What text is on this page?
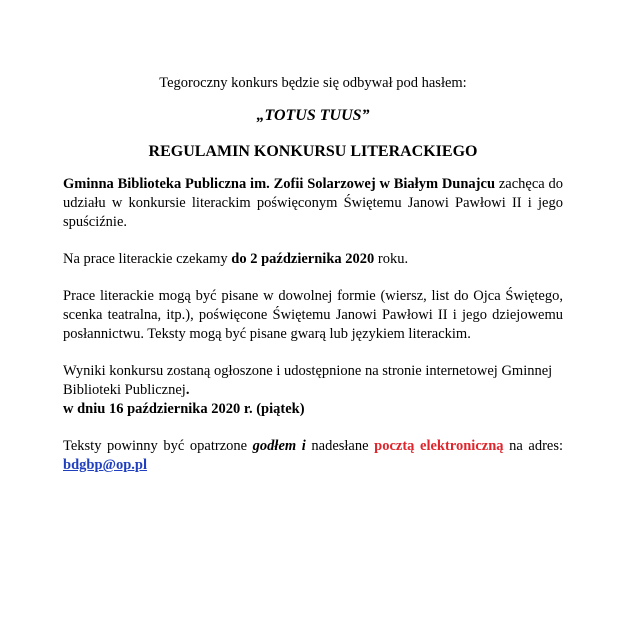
Tegoroczny konkurs będzie się odbywał pod hasłem:

„TOTUS TUUS”
REGULAMIN KONKURSU LITERACKIEGO

Gminna Biblioteka Publiczna im. Zofii Solarzowej w Białym Dunajcu zachęca do udziału w konkursie literackim poświęconym Świętemu Janowi Pawłowi II i jego spuściźnie.

Na prace literackie czekamy do 2 października 2020 roku.

Prace literackie mogą być pisane w dowolnej formie (wiersz, list do Ojca Świętego, scenka teatralna, itp.), poświęcone Świętemu Janowi Pawłowi II i jego dziejowemu posłannictwu. Teksty mogą być pisane gwarą lub językiem literackim.

Wyniki konkursu zostaną ogłoszone i udostępnione na stronie internetowej Gminnej Biblioteki Publicznej.

w dniu 16 października 2020 r. (piątek)

Teksty powinny być opatrzone godłem i nadesłane pocztą elektroniczną na adres: bdgbp@op.pl
